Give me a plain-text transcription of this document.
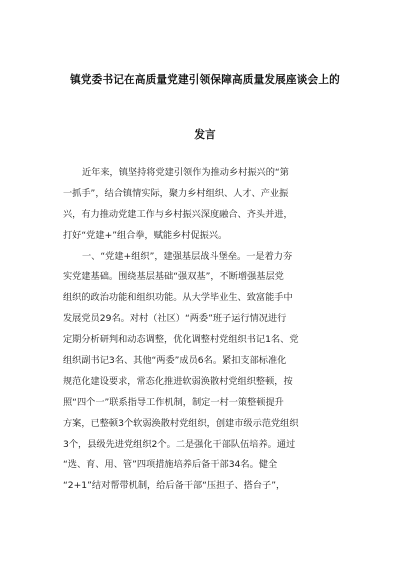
镇党委书记在高质量党建引领保障高质量发展座谈会上的
发言
近年来，镇坚持将党建引领作为推动乡村振兴的“第
一抓手”，结合镇情实际，聚力乡村组织、人才、产业振
兴，有力推动党建工作与乡村振兴深度融合、齐头并进，
打好“党建+”组合拳，赋能乡村促振兴。
一、“党建+组织”，建强基层战斗堡垒。一是着力夯
实党建基础。围绕基层基础“强双基”，不断增强基层党
组织的政治功能和组织功能。从大学毕业生、致富能手中
发展党员29名。对村（社区）“两委”班子运行情况进行
定期分析研判和动态调整，优化调整村党组织书记1名、党
组织副书记3名、其他“两委”成员6名。紧扣支部标准化
规范化建设要求，常态化推进软弱涣散村党组织整顿，按
照“四个一”联系指导工作机制，制定一村一策整顿提升
方案，已整顿3个软弱涣散村党组织，创建市级示范党组织
3个，县级先进党组织2个。二是强化干部队伍培养。通过
“选、育、用、管”四项措施培养后备干部34名。健全
“2+1”结对帮带机制，给后备干部“压担子、搭台子”，
